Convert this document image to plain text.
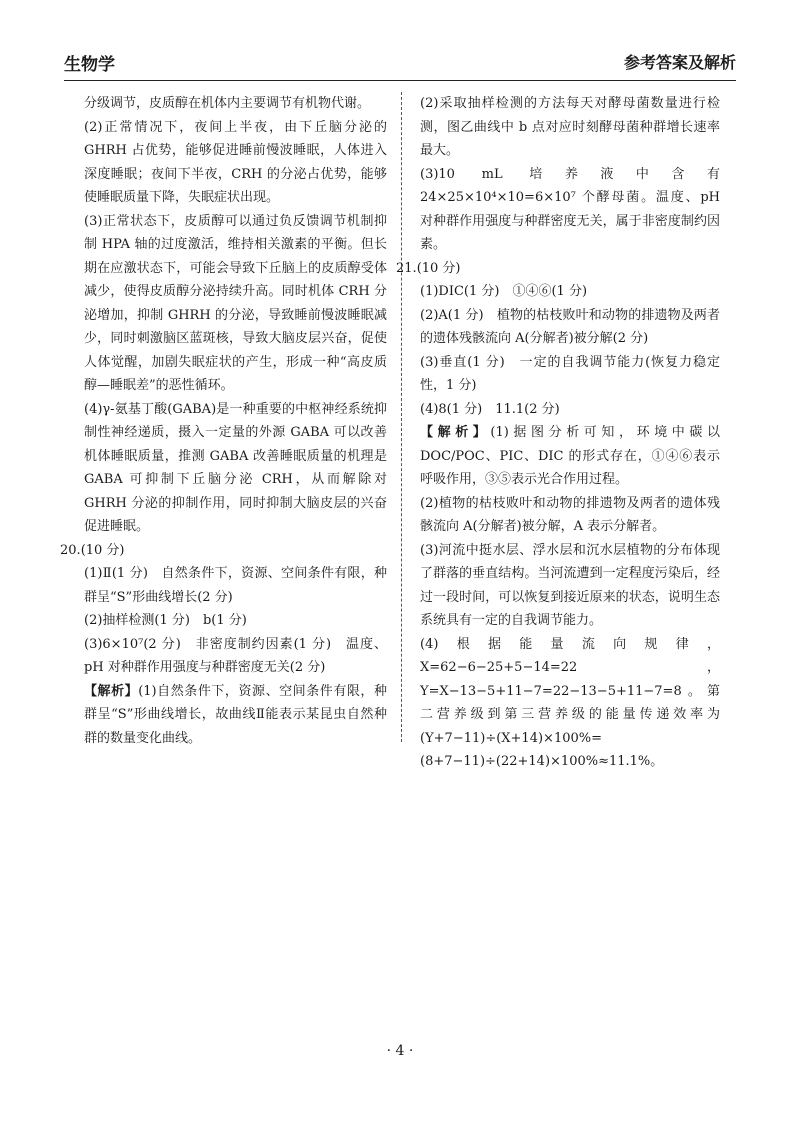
生物学	参考答案及解析

分级调节，皮质醇在机体内主要调节有机物代谢。

(2)正常情况下，夜间上半夜，由下丘脑分泌的 GHRH 占优势，能够促进睡前慢波睡眠，人体进入深度睡眠；夜间下半夜，CRH 的分泌占优势，能够使睡眠质量下降，失眠症状出现。

(3)正常状态下，皮质醇可以通过负反馈调节机制抑制 HPA 轴的过度激活，维持相关激素的平衡。但长期在应激状态下，可能会导致下丘脑上的皮质醇受体减少，使得皮质醇分泌持续升高。同时机体 CRH 分泌增加，抑制 GHRH 的分泌，导致睡前慢波睡眠减少，同时刺激脑区蓝斑核，导致大脑皮层兴奋，促使人体觉醒，加剧失眠症状的产生，形成一种“高皮质醇—睡眠差”的恶性循环。

(4)γ-氨基丁酸(GABA)是一种重要的中枢神经系统抑制性神经递质，摄入一定量的外源 GABA 可以改善机体睡眠质量，推测 GABA 改善睡眠质量的机理是 GABA 可抑制下丘脑分泌 CRH，从而解除对 GHRH 分泌的抑制作用，同时抑制大脑皮层的兴奋促进睡眠。

20.(10 分)

(1)Ⅱ(1 分)　自然条件下，资源、空间条件有限，种群呈“S”形曲线增长(2 分)

(2)抽样检测(1 分)　b(1 分)

(3)6×10⁷(2 分)　非密度制约因素(1 分)　温度、pH 对种群作用强度与种群密度无关(2 分)

【解析】(1)自然条件下，资源、空间条件有限，种群呈“S”形曲线增长，故曲线Ⅱ能表示某昆虫自然种群的数量变化曲线。

(2)采取抽样检测的方法每天对酵母菌数量进行检测，图乙曲线中 b 点对应时刻酵母菌种群增长速率最大。

(3)10 mL 培养液中含有 24×25×10⁴×10=6×10⁷ 个酵母菌。温度、pH 对种群作用强度与种群密度无关，属于非密度制约因素。

21.(10 分)

(1)DIC(1 分)　①④⑥(1 分)

(2)A(1 分)　植物的枯枝败叶和动物的排遗物及两者的遗体残骸流向 A(分解者)被分解(2 分)

(3)垂直(1 分)　一定的自我调节能力(恢复力稳定性，1 分)

(4)8(1 分)　11.1(2 分)

【解析】(1)据图分析可知，环境中碳以 DOC/POC、PIC、DIC 的形式存在，①④⑥表示呼吸作用，③⑤表示光合作用过程。

(2)植物的枯枝败叶和动物的排遗物及两者的遗体残骸流向 A(分解者)被分解，A 表示分解者。

(3)河流中挺水层、浮水层和沉水层植物的分布体现了群落的垂直结构。当河流遭到一定程度污染后，经过一段时间，可以恢复到接近原来的状态，说明生态系统具有一定的自我调节能力。

(4)根据能量流向规律，X=62−6−25+5−14=22，Y=X−13−5+11−7=22−13−5+11−7=8。第二营养级到第三营养级的能量传递效率为(Y+7−11)÷(X+14)×100%=(8+7−11)÷(22+14)×100%≈11.1%。

· 4 ·
